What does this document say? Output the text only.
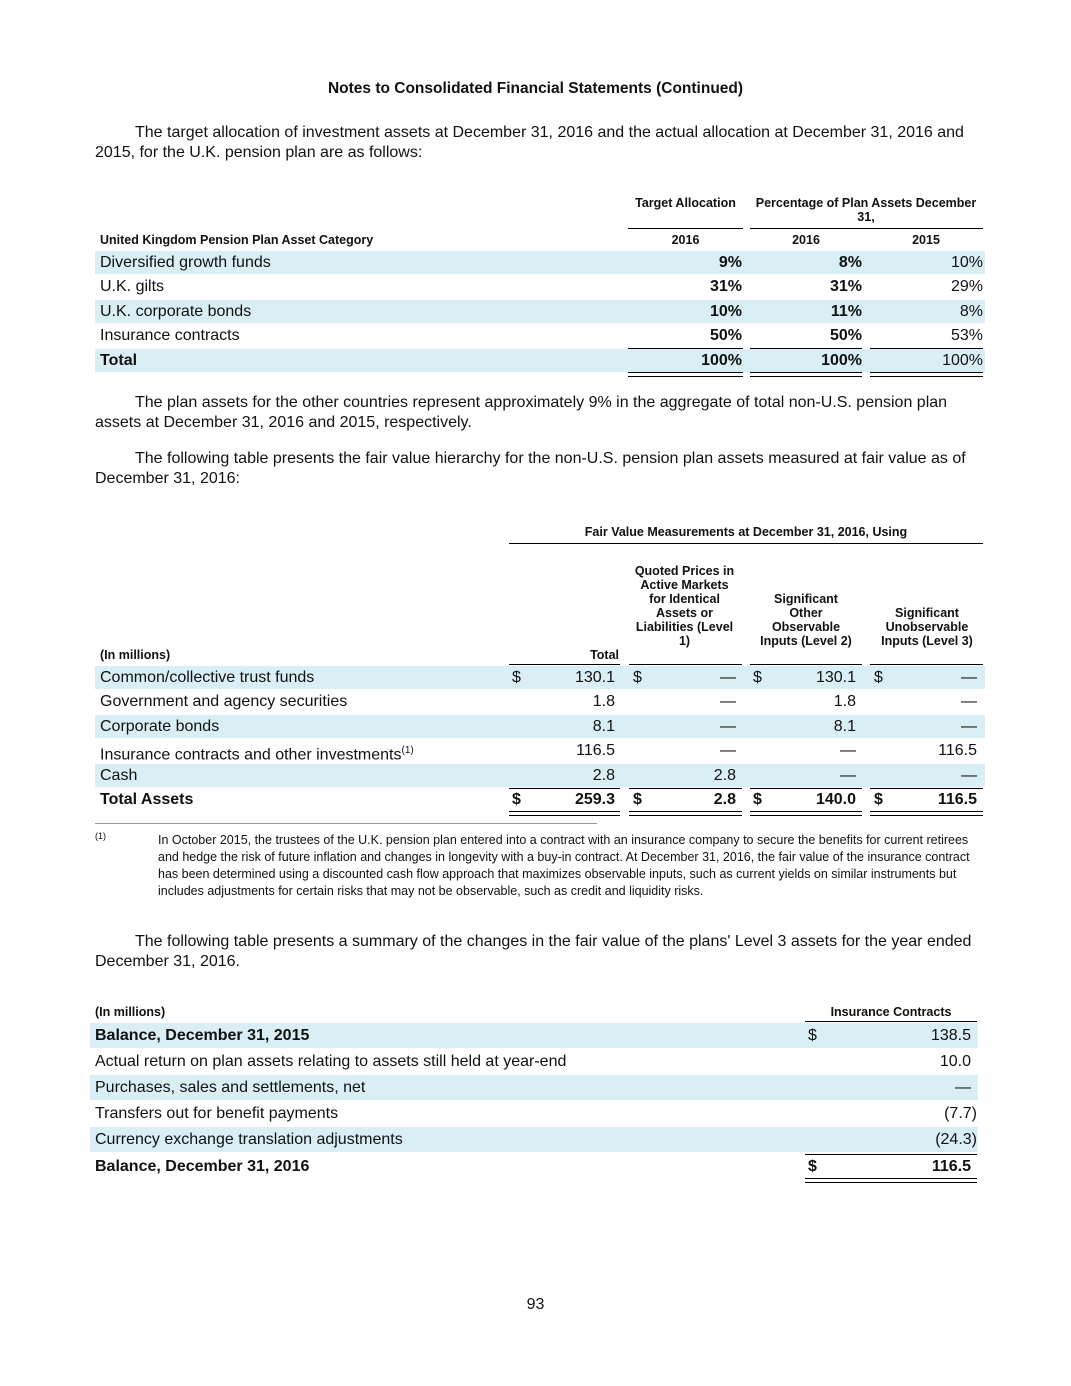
Notes to Consolidated Financial Statements (Continued)
The target allocation of investment assets at December 31, 2016 and the actual allocation at December 31, 2016 and 2015, for the U.K. pension plan are as follows:
Target Allocation	Percentage of Plan Assets December 31,
United Kingdom Pension Plan Asset Category	2016	2016	2015
Diversified growth funds	9%	8%	10%
U.K. gilts	31%	31%	29%
U.K. corporate bonds	10%	11%	8%
Insurance contracts	50%	50%	53%
Total	100%	100%	100%
The plan assets for the other countries represent approximately 9% in the aggregate of total non-U.S. pension plan assets at December 31, 2016 and 2015, respectively.
The following table presents the fair value hierarchy for the non-U.S. pension plan assets measured at fair value as of December 31, 2016:
Fair Value Measurements at December 31, 2016, Using
(In millions)	Total
Quoted Prices in Active Markets for Identical Assets or Liabilities (Level 1)
Significant Other Observable Inputs (Level 2)
Significant Unobservable Inputs (Level 3)
Common/collective trust funds	$	130.1 $	— $	130.1 $	—
Government and agency securities	1.8	—	1.8	—
Corporate bonds	8.1	—	8.1	—
Insurance contracts and other investments$^{(1)}$	116.5	—	—	116.5
Cash	2.8	2.8	—	—
Total Assets	$	259.3 $	2.8 $	140.0 $	116.5
(1)	In October 2015, the trustees of the U.K. pension plan entered into a contract with an insurance company to secure the benefits for current retirees and hedge the risk of future inflation and changes in longevity with a buy-in contract. At December 31, 2016, the fair value of the insurance contract has been determined using a discounted cash flow approach that maximizes observable inputs, such as current yields on similar instruments but includes adjustments for certain risks that may not be observable, such as credit and liquidity risks.
The following table presents a summary of the changes in the fair value of the plans' Level 3 assets for the year ended December 31, 2016.
(In millions)	Insurance Contracts
Balance, December 31, 2015	$	138.5
Actual return on plan assets relating to assets still held at year-end	10.0
Purchases, sales and settlements, net	—
Transfers out for benefit payments	(7.7)
Currency exchange translation adjustments	(24.3)
Balance, December 31, 2016	$	116.5
93
